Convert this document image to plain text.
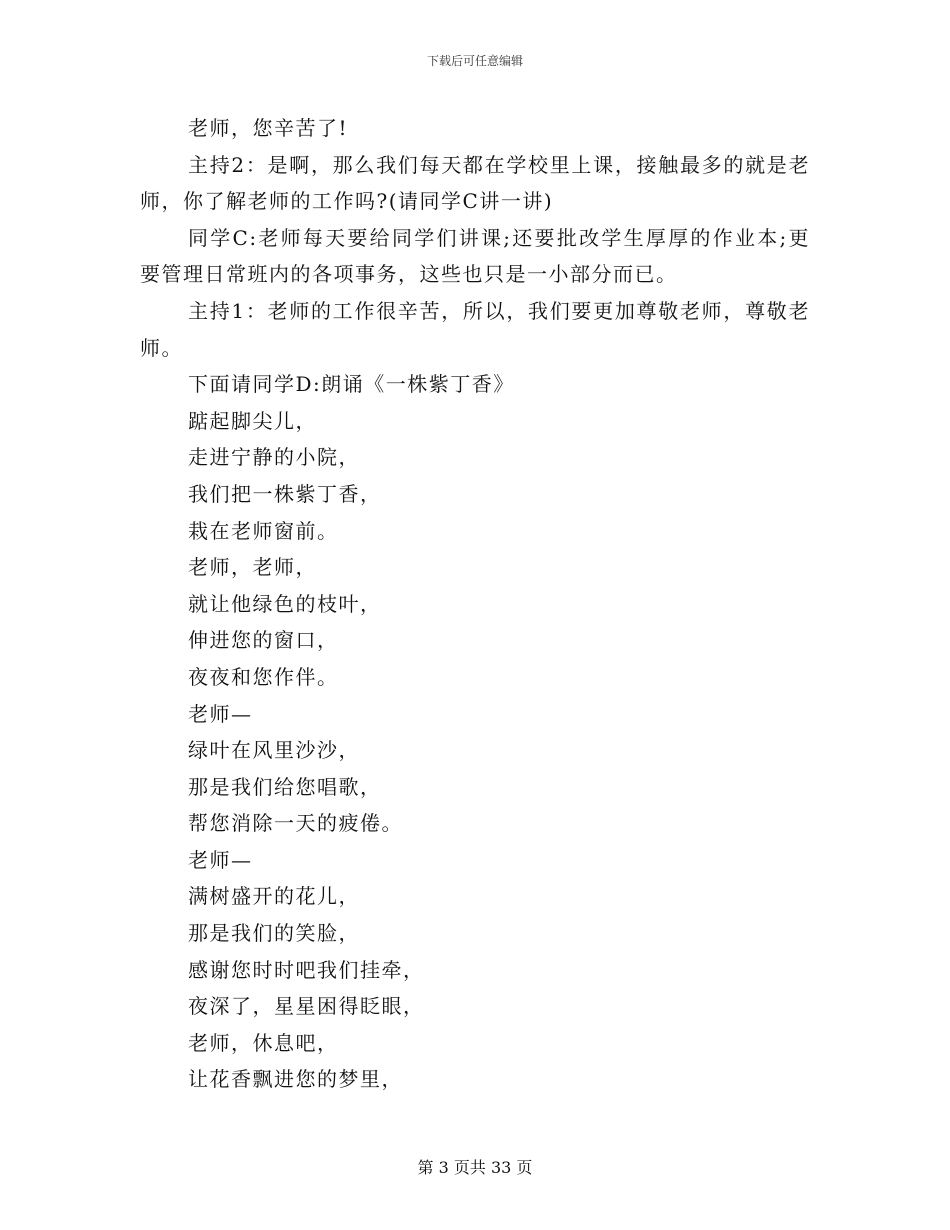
下载后可任意编辑

老师，您辛苦了!

主持2：是啊，那么我们每天都在学校里上课，接触最多的就是老师，你了解老师的工作吗?(请同学C讲一讲)

同学C:老师每天要给同学们讲课;还要批改学生厚厚的作业本;更要管理日常班内的各项事务，这些也只是一小部分而已。

主持1：老师的工作很辛苦，所以，我们要更加尊敬老师，尊敬老师。

下面请同学D:朗诵《一株紫丁香》

踮起脚尖儿，

走进宁静的小院，

我们把一株紫丁香，

栽在老师窗前。

老师，老师，

就让他绿色的枝叶，

伸进您的窗口，

夜夜和您作伴。

老师—

绿叶在风里沙沙，

那是我们给您唱歌，

帮您消除一天的疲倦。

老师—

满树盛开的花儿，

那是我们的笑脸，

感谢您时时吧我们挂牵，

夜深了，星星困得眨眼，

老师，休息吧，

让花香飘进您的梦里，

第 3 页共 33 页
